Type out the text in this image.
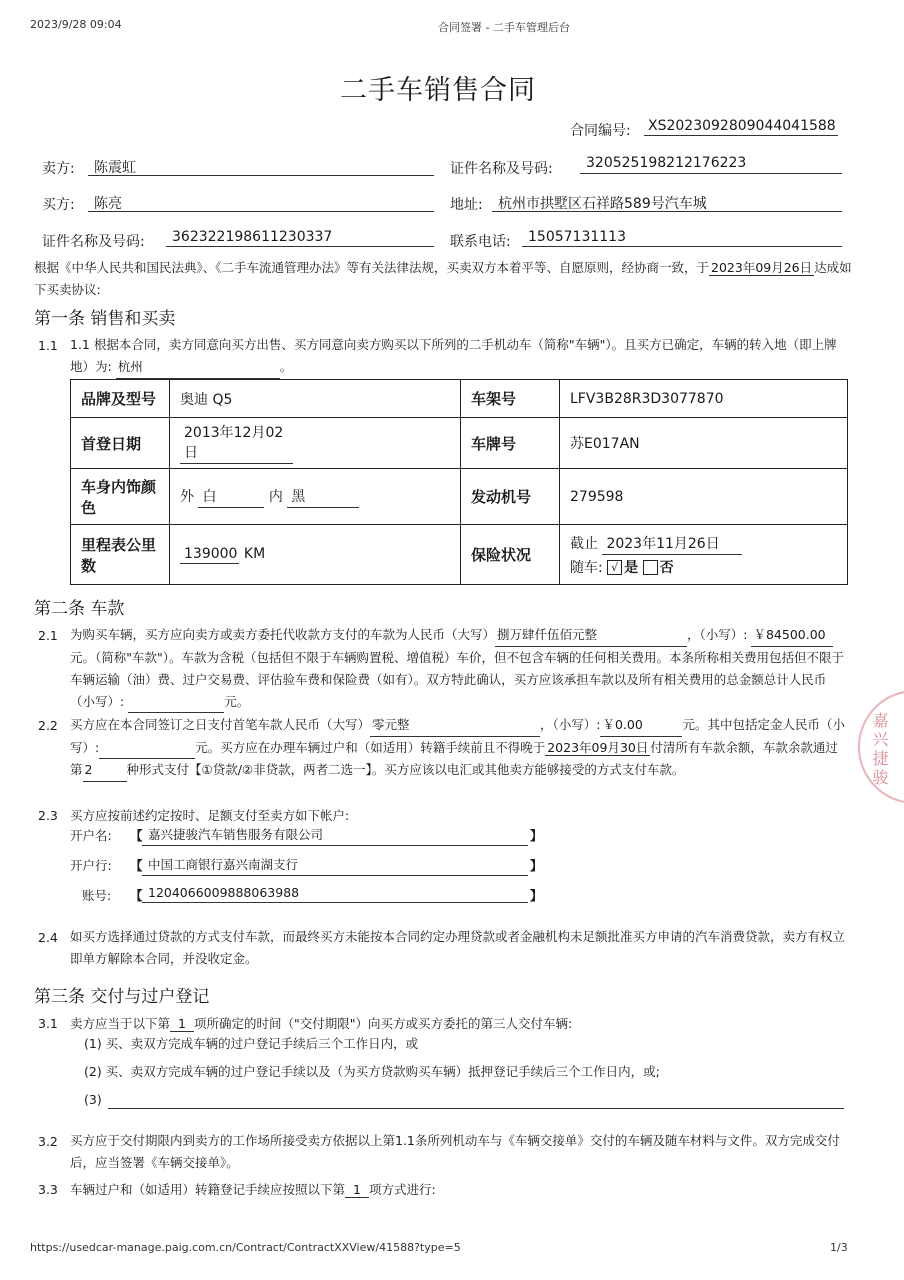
2023/9/28 09:04	合同签署 - 二手车管理后台
二手车销售合同
合同编号: XS2023092809044041588
卖方: 陈震虹	证件名称及号码: 320525198212176223
买方: 陈亮	地址: 杭州市拱墅区石祥路589号汽车城
证件名称及号码: 362322198611230337	联系电话: 15057131113
根据《中华人民共和国民法典》、《二手车流通管理办法》等有关法律法规，买卖双方本着平等、自愿原则，经协商一致，于 2023年09月26日 达成如下买卖协议:
第一条 销售和买卖
1.1 1.1 根据本合同，卖方同意向买方出售、买方同意向卖方购买以下所列的二手机动车（简称"车辆"）。且买方已确定，车辆的转入地（即上牌地）为: 杭州	。
品牌及型号	奥迪 Q5	车架号	LFV3B28R3D3077870
首登日期	2013年12月02日	车牌号	苏E017AN
车身内饰颜色	外 白 内 黑	发动机号	279598
里程表公里数	139000 KM	保险状况	截止 2023年11月26日
随车: √ 是 否
第二条 车款
2.1 为购买车辆，买方应向卖方或卖方委托代收款方支付的车款为人民币（大写） 捌万肆仟伍佰元整	，（小写）: ￥84500.00元。（简称"车款"）。车款为含税（包括但不限于车辆购置税、增值税）车价，但不包含车辆的任何相关费用。本条所称相关费用包括但不限于车辆运输（油）费、过户交易费、评估验车费和保险费（如有）。双方特此确认，买方应该承担车款以及所有相关费用的总金额总计人民币（小写）:	元。
2.2 买方应在本合同签订之日支付首笔车款人民币（大写） 零元整	，（小写）: ￥0.00	元。其中包括定金人民币（小写）:	元。买方应在办理车辆过户和（如适用）转籍手续前且不得晚于 2023年09月30日 付清所有车款余额，车款余款通过第 2	种形式支付【①贷款/②非贷款，两者二选一】。买方应该以电汇或其他卖方能够接受的方式支付车款。
2.3 买方应按前述约定按时、足额支付至卖方如下帐户:
开户名: 【 嘉兴捷骏汽车销售服务有限公司	】
开户行: 【 中国工商银行嘉兴南湖支行	】
账号: 【 1204066009888063988	】
2.4 如买方选择通过贷款的方式支付车款，而最终买方未能按本合同约定办理贷款或者金融机构未足额批准买方申请的汽车消费贷款，卖方有权立即单方解除本合同，并没收定金。
第三条 交付与过户登记
3.1 卖方应当于以下第 1 项所确定的时间（"交付期限"）向买方或买方委托的第三人交付车辆:
(1) 买、卖双方完成车辆的过户登记手续后三个工作日内，或
(2) 买、卖双方完成车辆的过户登记手续以及（为买方贷款购买车辆）抵押登记手续后三个工作日内，或;
(3)
3.2 买方应于交付期限内到卖方的工作场所接受卖方依据以上第1.1条所列机动车与《车辆交接单》交付的车辆及随车材料与文件。双方完成交付后，应当签署《车辆交接单》。
3.3 车辆过户和（如适用）转籍登记手续应按照以下第 1 项方式进行:
https://usedcar-manage.paig.com.cn/Contract/ContractXXView/41588?type=5	1/3
嘉兴捷骏
